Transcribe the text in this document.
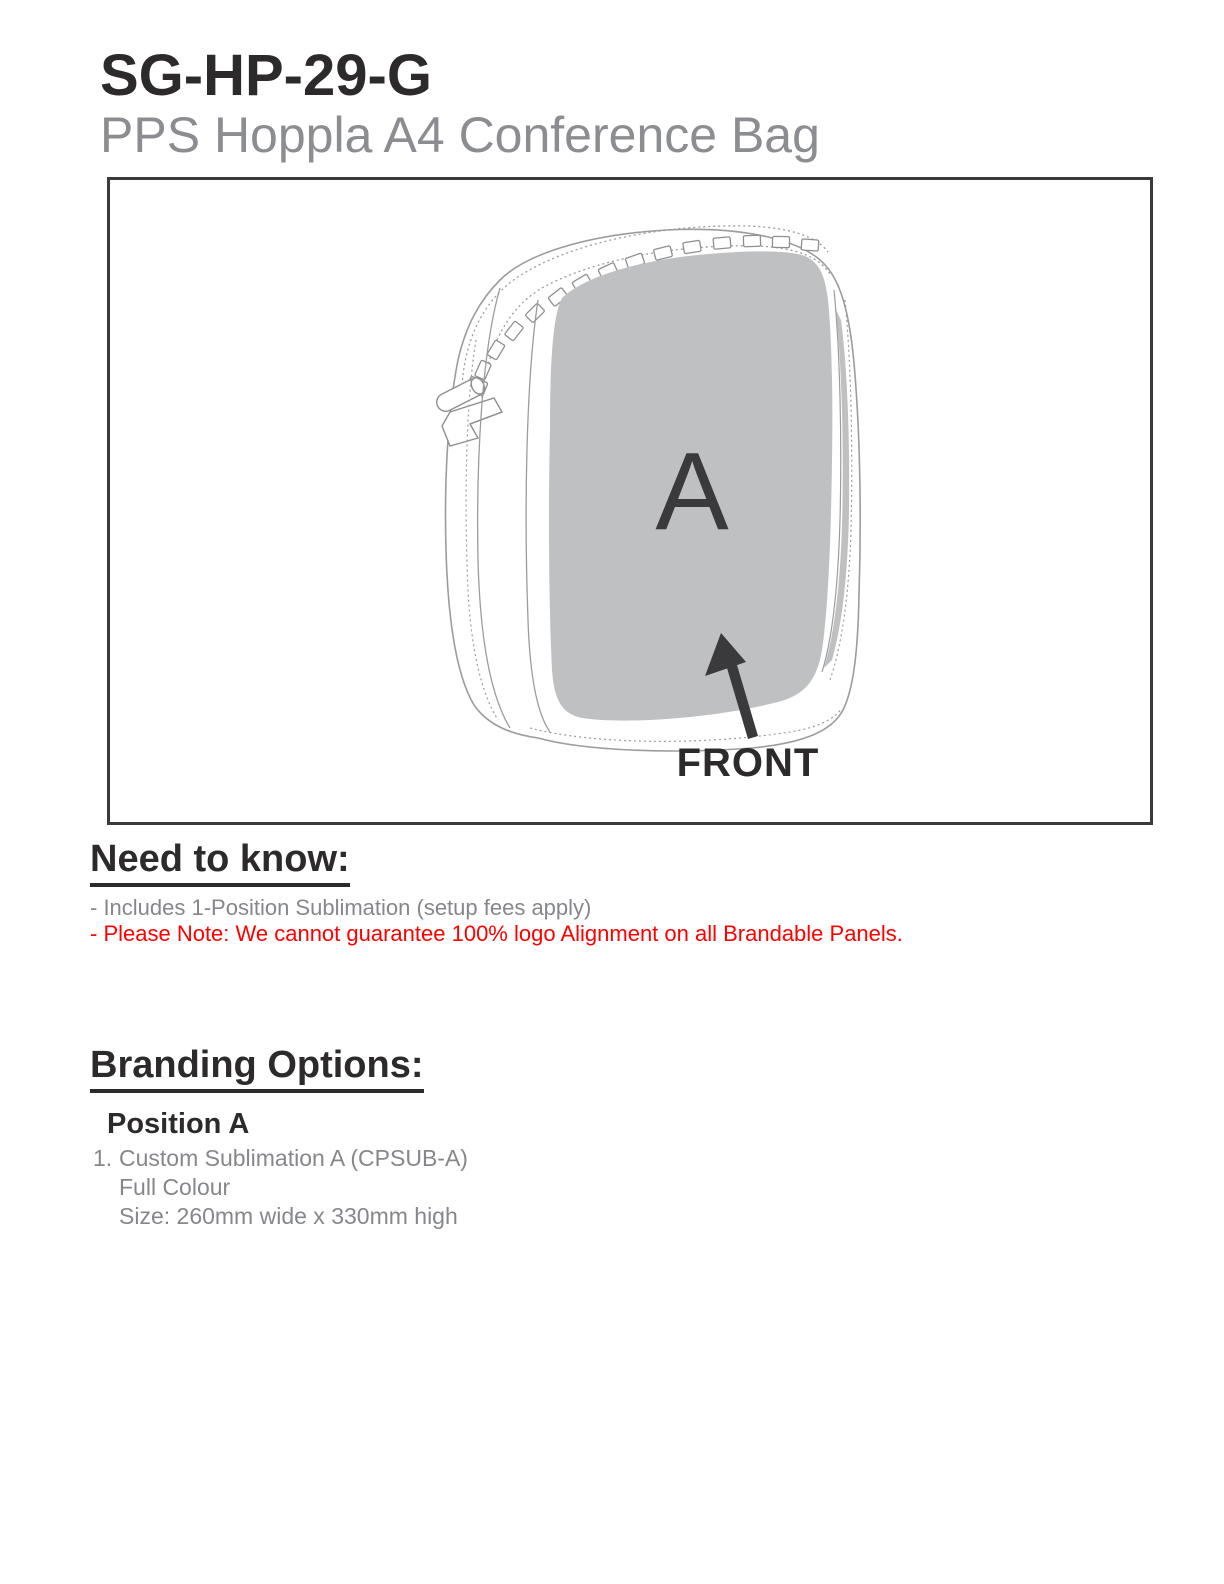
SG-HP-29-G
PPS Hoppla A4 Conference Bag
A
FRONT
Need to know:

- Includes 1-Position Sublimation (setup fees apply)

- Please Note: We cannot guarantee 100% logo Alignment on all Brandable Panels.

Branding Options:
Position A
1. Custom Sublimation A (CPSUB-A)
Full Colour
Size: 260mm wide x 330mm high
